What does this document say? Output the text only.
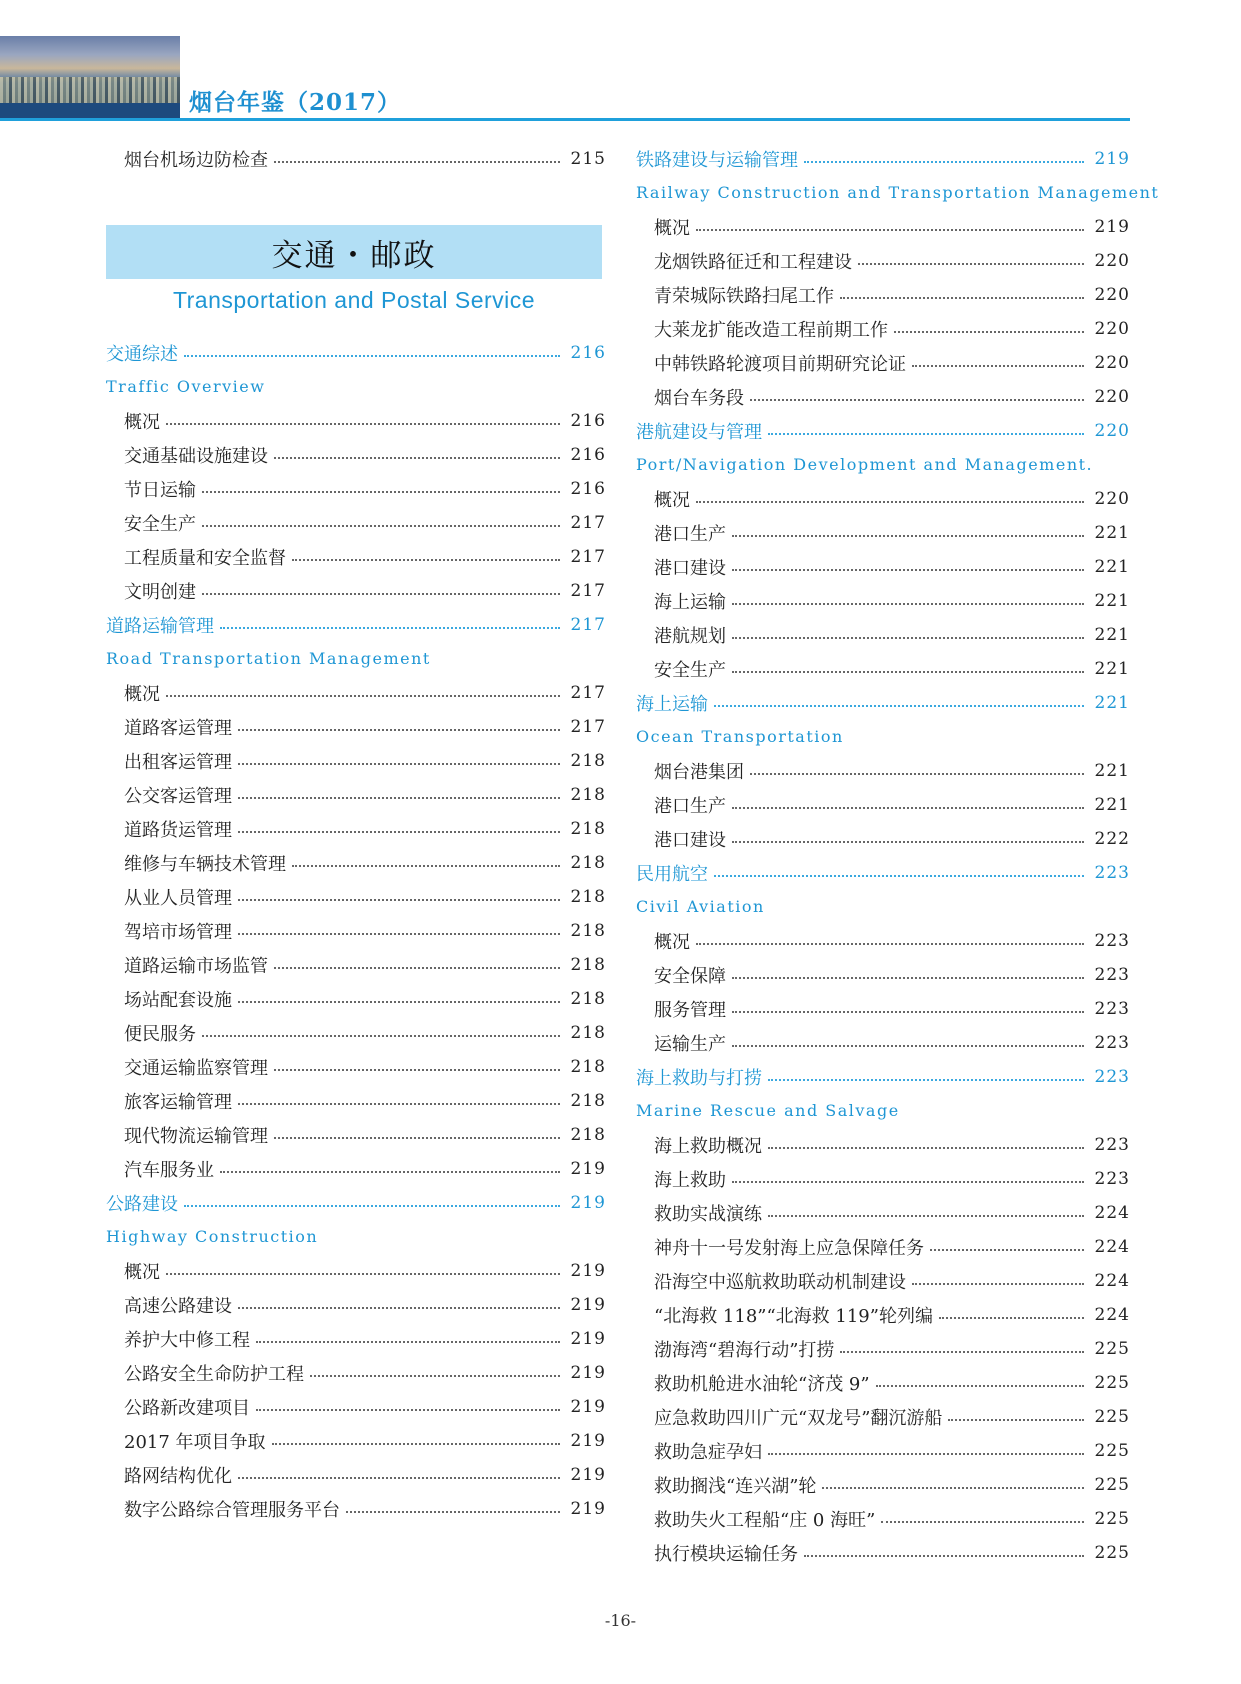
烟台年鉴（2017）
烟台机场边防检查	215
交通・邮政
Transportation and Postal Service
交通综述	216
Traffic Overview
概况	216
交通基础设施建设	216
节日运输	216
安全生产	217
工程质量和安全监督	217
文明创建	217
道路运输管理	217
Road Transportation Management
概况	217
道路客运管理	217
出租客运管理	218
公交客运管理	218
道路货运管理	218
维修与车辆技术管理	218
从业人员管理	218
驾培市场管理	218
道路运输市场监管	218
场站配套设施	218
便民服务	218
交通运输监察管理	218
旅客运输管理	218
现代物流运输管理	218
汽车服务业	219
公路建设	219
Highway Construction
概况	219
高速公路建设	219
养护大中修工程	219
公路安全生命防护工程	219
公路新改建项目	219
2017 年项目争取	219
路网结构优化	219
数字公路综合管理服务平台	219
铁路建设与运输管理	219
Railway Construction and Transportation Management
概况	219
龙烟铁路征迁和工程建设	220
青荣城际铁路扫尾工作	220
大莱龙扩能改造工程前期工作	220
中韩铁路轮渡项目前期研究论证	220
烟台车务段	220
港航建设与管理	220
Port/Navigation Development and Management.
概况	220
港口生产	221
港口建设	221
海上运输	221
港航规划	221
安全生产	221
海上运输	221
Ocean Transportation
烟台港集团	221
港口生产	221
港口建设	222
民用航空	223
Civil Aviation
概况	223
安全保障	223
服务管理	223
运输生产	223
海上救助与打捞	223
Marine Rescue and Salvage
海上救助概况	223
海上救助	223
救助实战演练	224
神舟十一号发射海上应急保障任务	224
沿海空中巡航救助联动机制建设	224
“北海救 118”“北海救 119”轮列编	224
渤海湾“碧海行动”打捞	225
救助机舱进水油轮“济茂 9”	225
应急救助四川广元“双龙号”翻沉游船	225
救助急症孕妇	225
救助搁浅“连兴湖”轮	225
救助失火工程船“庄 0 海旺”	225
执行模块运输任务	225
-16-
